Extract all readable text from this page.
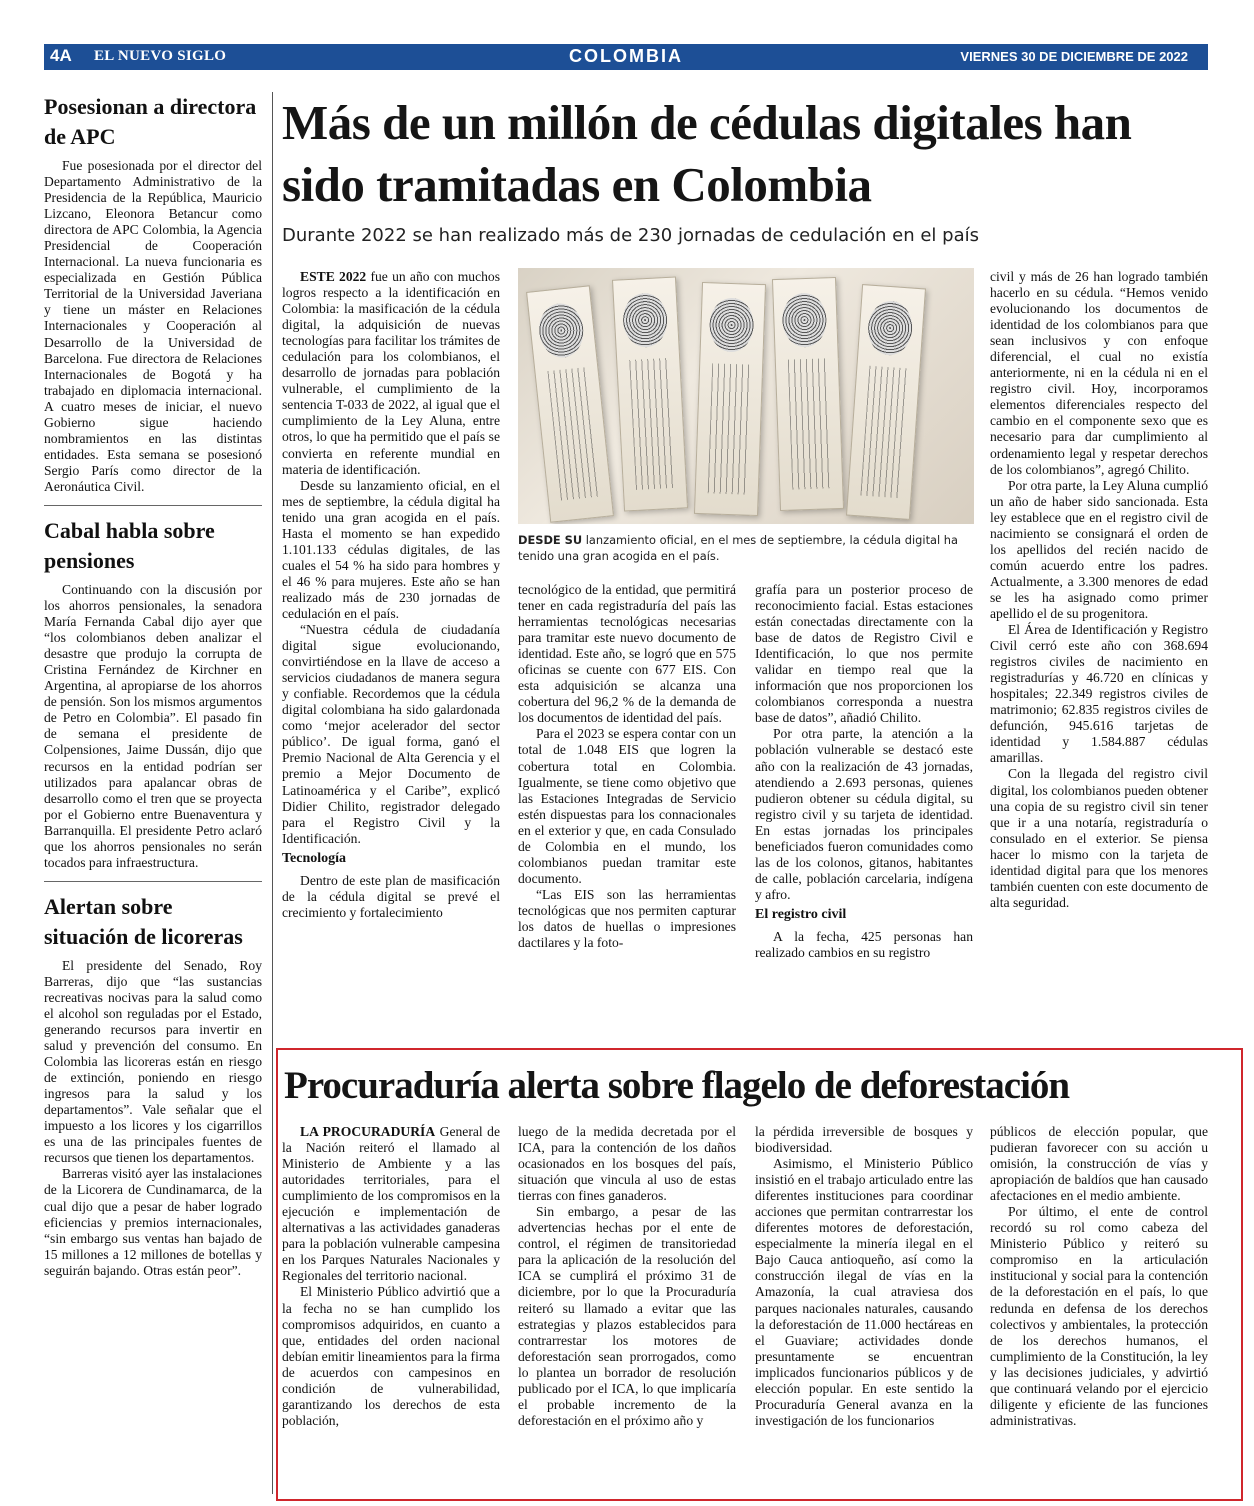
4A EL NUEVO SIGLO	COLOMBIA	VIERNES 30 DE DICIEMBRE DE 2022
Posesionan a directora de APC

Fue posesionada por el director del Departamento Administrativo de la Presidencia de la República, Mauricio Lizcano, Eleonora Betancur como directora de APC Colombia, la Agencia Presidencial de Cooperación Internacional. La nueva funcionaria es especializada en Gestión Pública Territorial de la Universidad Javeriana y tiene un máster en Relaciones Internacionales y Cooperación al Desarrollo de la Universidad de Barcelona. Fue directora de Relaciones Internacionales de Bogotá y ha trabajado en diplomacia internacional. A cuatro meses de iniciar, el nuevo Gobierno sigue haciendo nombramientos en las distintas entidades. Esta semana se posesionó Sergio París como director de la Aeronáutica Civil.

Cabal habla sobre pensiones

Continuando con la discusión por los ahorros pensionales, la senadora María Fernanda Cabal dijo ayer que “los colombianos deben analizar el desastre que produjo la corrupta de Cristina Fernández de Kirchner en Argentina, al apropiarse de los ahorros de pensión. Son los mismos argumentos de Petro en Colombia”. El pasado fin de semana el presidente de Colpensiones, Jaime Dussán, dijo que recursos en la entidad podrían ser utilizados para apalancar obras de desarrollo como el tren que se proyecta por el Gobierno entre Buenaventura y Barranquilla. El presidente Petro aclaró que los ahorros pensionales no serán tocados para infraestructura.

Alertan sobre situación de licoreras

El presidente del Senado, Roy Barreras, dijo que “las sustancias recreativas nocivas para la salud como el alcohol son reguladas por el Estado, generando recursos para invertir en salud y prevención del consumo. En Colombia las licoreras están en riesgo de extinción, poniendo en riesgo ingresos para la salud y los departamentos”. Vale señalar que el impuesto a los licores y los cigarrillos es una de las principales fuentes de recursos que tienen los departamentos.

Barreras visitó ayer las instalaciones de la Licorera de Cundinamarca, de la cual dijo que a pesar de haber logrado eficiencias y premios internacionales, “sin embargo sus ventas han bajado de 15 millones a 12 millones de botellas y seguirán bajando. Otras están peor”.

Más de un millón de cédulas digitales han sido tramitadas en Colombia

Durante 2022 se han realizado más de 230 jornadas de cedulación en el país

ESTE 2022 fue un año con muchos logros respecto a la identificación en Colombia: la masificación de la cédula digital, la adquisición de nuevas tecnologías para facilitar los trámites de cedulación para los colombianos, el desarrollo de jornadas para población vulnerable, el cumplimiento de la sentencia T-033 de 2022, al igual que el cumplimiento de la Ley Aluna, entre otros, lo que ha permitido que el país se convierta en referente mundial en materia de identificación.

Desde su lanzamiento oficial, en el mes de septiembre, la cédula digital ha tenido una gran acogida en el país. Hasta el momento se han expedido 1.101.133 cédulas digitales, de las cuales el 54 % ha sido para hombres y el 46 % para mujeres. Este año se han realizado más de 230 jornadas de cedulación en el país.

“Nuestra cédula de ciudadanía digital sigue evolucionando, convirtiéndose en la llave de acceso a servicios ciudadanos de manera segura y confiable. Recordemos que la cédula digital colombiana ha sido galardonada como ‘mejor acelerador del sector público’. De igual forma, ganó el Premio Nacional de Alta Gerencia y el premio a Mejor Documento de Latinoamérica y el Caribe”, explicó Didier Chilito, registrador delegado para el Registro Civil y la Identificación.

Tecnología

Dentro de este plan de masificación de la cédula digital se prevé el crecimiento y fortalecimiento

DESDE SU lanzamiento oficial, en el mes de septiembre, la cédula digital ha tenido una gran acogida en el país.

tecnológico de la entidad, que permitirá tener en cada registraduría del país las herramientas tecnológicas necesarias para tramitar este nuevo documento de identidad. Este año, se logró que en 575 oficinas se cuente con 677 EIS. Con esta adquisición se alcanza una cobertura del 96,2 % de la demanda de los documentos de identidad del país.

Para el 2023 se espera contar con un total de 1.048 EIS que logren la cobertura total en Colombia. Igualmente, se tiene como objetivo que las Estaciones Integradas de Servicio estén dispuestas para los connacionales en el exterior y que, en cada Consulado de Colombia en el mundo, los colombianos puedan tramitar este documento.

“Las EIS son las herramientas tecnológicas que nos permiten capturar los datos de huellas o impresiones dactilares y la foto-

grafía para un posterior proceso de reconocimiento facial. Estas estaciones están conectadas directamente con la base de datos de Registro Civil e Identificación, lo que nos permite validar en tiempo real que la información que nos proporcionen los colombianos corresponda a nuestra base de datos”, añadió Chilito.

Por otra parte, la atención a la población vulnerable se destacó este año con la realización de 43 jornadas, atendiendo a 2.693 personas, quienes pudieron obtener su cédula digital, su registro civil y su tarjeta de identidad. En estas jornadas los principales beneficiados fueron comunidades como las de los colonos, gitanos, habitantes de calle, población carcelaria, indígena y afro.

El registro civil

A la fecha, 425 personas han realizado cambios en su registro

civil y más de 26 han logrado también hacerlo en su cédula. “Hemos venido evolucionando los documentos de identidad de los colombianos para que sean inclusivos y con enfoque diferencial, el cual no existía anteriormente, ni en la cédula ni en el registro civil. Hoy, incorporamos elementos diferenciales respecto del cambio en el componente sexo que es necesario para dar cumplimiento al ordenamiento legal y respetar derechos de los colombianos”, agregó Chilito.

Por otra parte, la Ley Aluna cumplió un año de haber sido sancionada. Esta ley establece que en el registro civil de nacimiento se consignará el orden de los apellidos del recién nacido de común acuerdo entre los padres. Actualmente, a 3.300 menores de edad se les ha asignado como primer apellido el de su progenitora.

El Área de Identificación y Registro Civil cerró este año con 368.694 registros civiles de nacimiento en registradurías y 46.720 en clínicas y hospitales; 22.349 registros civiles de matrimonio; 62.835 registros civiles de defunción, 945.616 tarjetas de identidad y 1.584.887 cédulas amarillas.

Con la llegada del registro civil digital, los colombianos pueden obtener una copia de su registro civil sin tener que ir a una notaría, registraduría o consulado en el exterior. Se piensa hacer lo mismo con la tarjeta de identidad digital para que los menores también cuenten con este documento de alta seguridad.

Procuraduría alerta sobre flagelo de deforestación

LA PROCURADURÍA General de la Nación reiteró el llamado al Ministerio de Ambiente y a las autoridades territoriales, para el cumplimiento de los compromisos en la ejecución e implementación de alternativas a las actividades ganaderas para la población vulnerable campesina en los Parques Naturales Nacionales y Regionales del territorio nacional.

El Ministerio Público advirtió que a la fecha no se han cumplido los compromisos adquiridos, en cuanto a que, entidades del orden nacional debían emitir lineamientos para la firma de acuerdos con campesinos en condición de vulnerabilidad, garantizando los derechos de esta población,

luego de la medida decretada por el ICA, para la contención de los daños ocasionados en los bosques del país, situación que vincula al uso de estas tierras con fines ganaderos.

Sin embargo, a pesar de las advertencias hechas por el ente de control, el régimen de transitoriedad para la aplicación de la resolución del ICA se cumplirá el próximo 31 de diciembre, por lo que la Procuraduría reiteró su llamado a evitar que las estrategias y plazos establecidos para contrarrestar los motores de deforestación sean prorrogados, como lo plantea un borrador de resolución publicado por el ICA, lo que implicaría el probable incremento de la deforestación en el próximo año y

la pérdida irreversible de bosques y biodiversidad.

Asimismo, el Ministerio Público insistió en el trabajo articulado entre las diferentes instituciones para coordinar acciones que permitan contrarrestar los diferentes motores de deforestación, especialmente la minería ilegal en el Bajo Cauca antioqueño, así como la construcción ilegal de vías en la Amazonía, la cual atraviesa dos parques nacionales naturales, causando la deforestación de 11.000 hectáreas en el Guaviare; actividades donde presuntamente se encuentran implicados funcionarios públicos y de elección popular. En este sentido la Procuraduría General avanza en la investigación de los funcionarios

públicos de elección popular, que pudieran favorecer con su acción u omisión, la construcción de vías y apropiación de baldíos que han causado afectaciones en el medio ambiente.

Por último, el ente de control recordó su rol como cabeza del Ministerio Público y reiteró su compromiso en la articulación institucional y social para la contención de la deforestación en el país, lo que redunda en defensa de los derechos colectivos y ambientales, la protección de los derechos humanos, el cumplimiento de la Constitución, la ley y las decisiones judiciales, y advirtió que continuará velando por el ejercicio diligente y eficiente de las funciones administrativas.
